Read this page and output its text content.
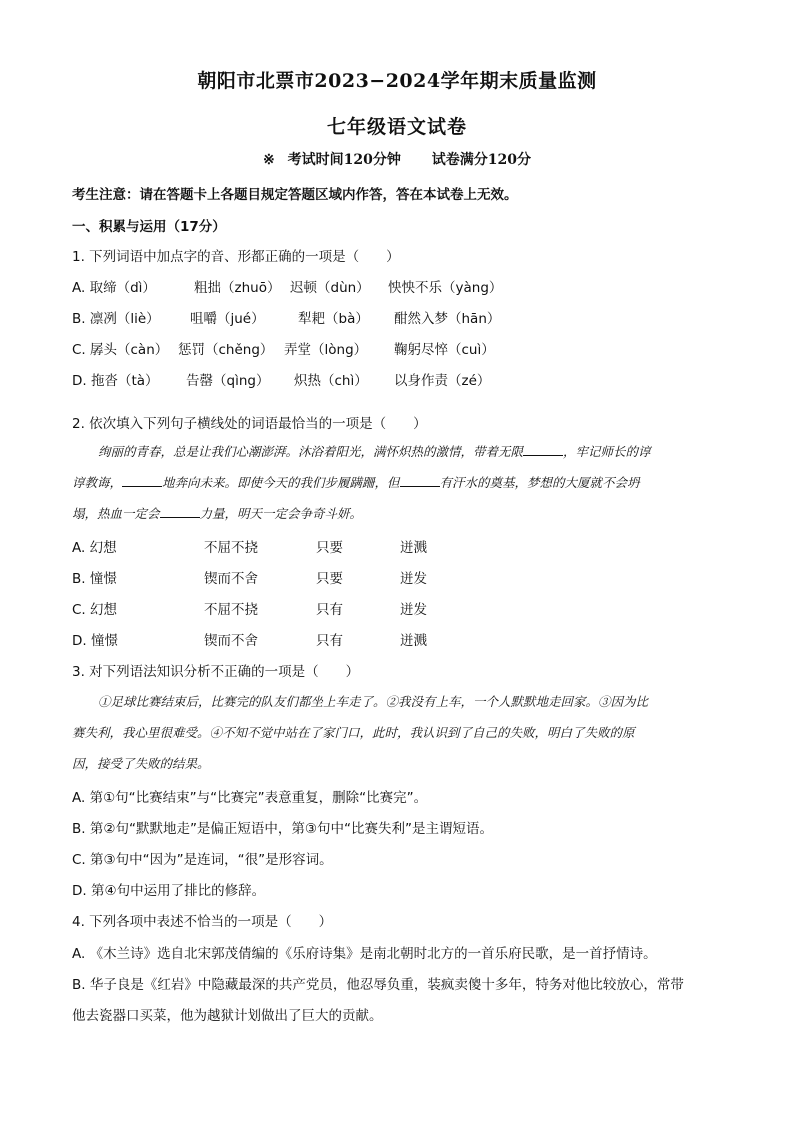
朝阳市北票市2023−2024学年期末质量监测
七年级语文试卷
※ 考试时间120分钟 试卷满分120分
考生注意：请在答题卡上各题目规定答题区域内作答，答在本试卷上无效。
一、积累与运用（17分）
1. 下列词语中加点字的音、形都正确的一项是（　　）
A. 取缔（dì）	粗拙（zhuō） 迟顿（dùn） 怏怏不乐（yàng）
B. 凛冽（liè） 咀嚼（jué） 犁耙（bà） 酣然入梦（hān）
C. 孱头（càn） 惩罚（chěng） 弄堂（lòng） 鞠躬尽悴（cuì）
D. 拖沓（tà） 告罄（qìng） 炽热（chì） 以身作责（zé）
2. 依次填入下列句子横线处的词语最恰当的一项是（　　）
绚丽的青春，总是让我们心潮澎湃。沐浴着阳光，满怀炽热的激情，带着无限	，牢记师长的谆
谆教诲，	地奔向未来。即使今天的我们步履蹒跚，但	有汗水的奠基，梦想的大厦就不会坍
塌，热血一定会	力量，明天一定会争奇斗妍。
A. 幻想	不屈不挠	只要	迸溅
B. 憧憬	锲而不舍	只要	迸发
C. 幻想	不屈不挠	只有	迸发
D. 憧憬	锲而不舍	只有	迸溅
3. 对下列语法知识分析不正确的一项是（　　）
①足球比赛结束后，比赛完的队友们都坐上车走了。②我没有上车，一个人默默地走回家。③因为比
赛失利，我心里很难受。④不知不觉中站在了家门口，此时，我认识到了自己的失败，明白了失败的原
因，接受了失败的结果。
A. 第①句“比赛结束”与“比赛完”表意重复，删除“比赛完”。
B. 第②句“默默地走”是偏正短语中，第③句中“比赛失利”是主谓短语。
C. 第③句中“因为”是连词，“很”是形容词。
D. 第④句中运用了排比的修辞。
4. 下列各项中表述不恰当的一项是（　　）
A. 《木兰诗》选自北宋郭茂倩编的《乐府诗集》是南北朝时北方的一首乐府民歌，是一首抒情诗。
B. 华子良是《红岩》中隐藏最深的共产党员，他忍辱负重，装疯卖傻十多年，特务对他比较放心，常带
他去瓷器口买菜，他为越狱计划做出了巨大的贡献。
